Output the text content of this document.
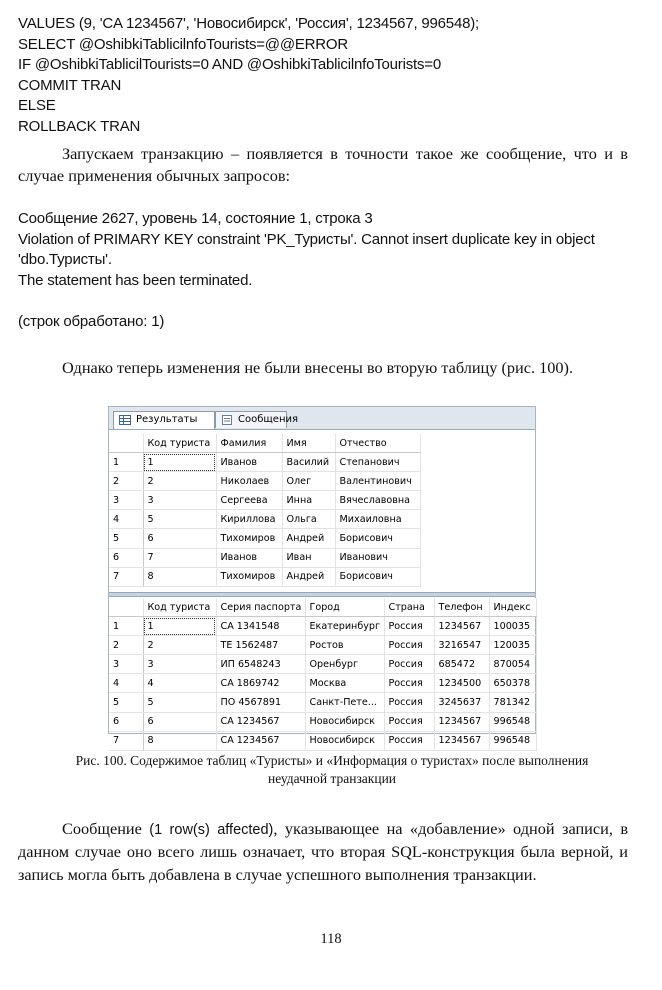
VALUES (9, 'CA 1234567', 'Новосибирск', 'Россия', 1234567, 996548);
SELECT @OshibkiTablicilnfoTourists=@@ERROR
IF @OshibkiTablicilTourists=0 AND @OshibkiTablicilnfoTourists=0
COMMIT TRAN
ELSE
ROLLBACK TRAN
Запускаем транзакцию – появляется в точности такое же сообщение, что и в случае применения обычных запросов:
Сообщение 2627, уровень 14, состояние 1, строка 3
Violation of PRIMARY KEY constraint 'PK_Туристы'. Cannot insert duplicate key in object
'dbo.Туристы'.
The statement has been terminated.
(строк обработано: 1)
Однако теперь изменения не были внесены во вторую таблицу (рис. 100).
Результаты	Сообщения
	Код туриста	Фамилия	Имя	Отчество
1	1	Иванов	Василий	Степанович
2	2	Николаев	Олег	Валентинович
3	3	Сергеева	Инна	Вячеславовна
4	5	Кириллова	Ольга	Михаиловна
5	6	Тихомиров	Андрей	Борисович
6	7	Иванов	Иван	Иванович
7	8	Тихомиров	Андрей	Борисович
	Код туриста	Серия паспорта	Город	Страна	Телефон	Индекс
1	1	CA 1341548	Екатеринбург	Россия	1234567	100035
2	2	TE 1562487	Ростов	Россия	3216547	120035
3	3	ИП 6548243	Оренбург	Россия	685472	870054
4	4	CA 1869742	Москва	Россия	1234500	650378
5	5	ПО 4567891	Санкт-Пете...	Россия	3245637	781342
6	6	CA 1234567	Новосибирск	Россия	1234567	996548
7	8	CA 1234567	Новосибирск	Россия	1234567	996548
Рис. 100. Содержимое таблиц «Туристы» и «Информация о туристах» после выполнения
неудачной транзакции
Сообщение (1 row(s) affected), указывающее на «добавление» одной записи, в данном случае оно всего лишь означает, что вторая SQL-конструкция была верной, и запись могла быть добавлена в случае успешного выполнения транзакции.
118
